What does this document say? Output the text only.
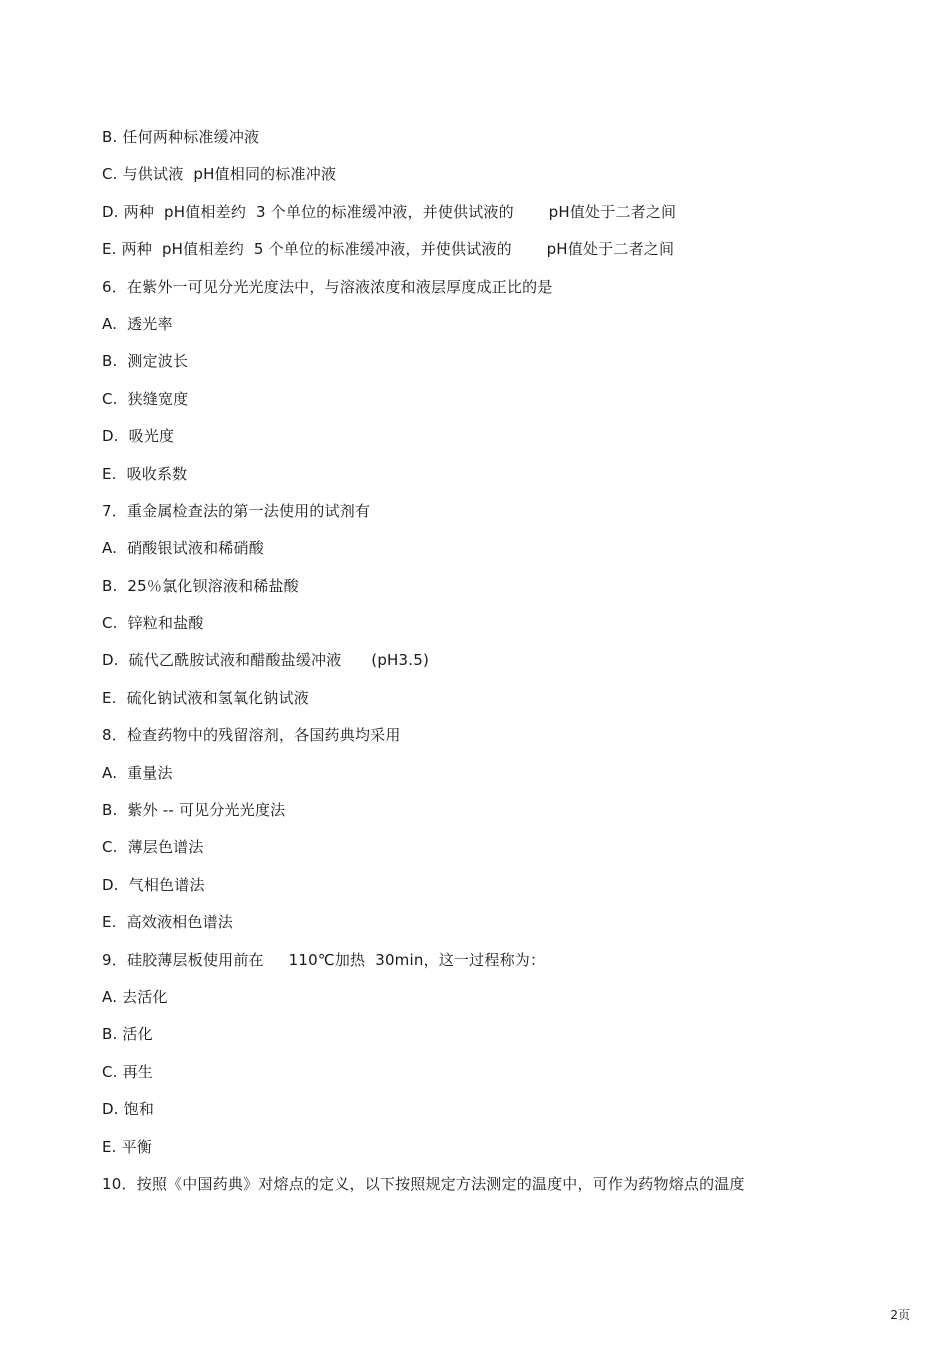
B. 任何两种标准缓冲液
C. 与供试液  pH值相同的标准冲液
D. 两种  pH值相差约  3 个单位的标准缓冲液，并使供试液的       pH值处于二者之间
E. 两种  pH值相差约  5 个单位的标准缓冲液，并使供试液的       pH值处于二者之间
6．在紫外一可见分光光度法中，与溶液浓度和液层厚度成正比的是
A.  透光率
B.  测定波长
C.  狭缝宽度
D.  吸光度
E.  吸收系数
7．重金属检查法的第一法使用的试剂有
A.  硝酸银试液和稀硝酸
B.  25％氯化钡溶液和稀盐酸
C.  锌粒和盐酸
D.  硫代乙酰胺试液和醋酸盐缓冲液      (pH3.5)
E.  硫化钠试液和氢氧化钠试液
8．检查药物中的残留溶剂，各国药典均采用
A.  重量法
B.  紫外 -- 可见分光光度法
C.  薄层色谱法
D.  气相色谱法
E.  高效液相色谱法
9．硅胶薄层板使用前在     110℃加热  30min，这一过程称为：
A. 去活化
B. 活化
C. 再生
D. 饱和
E. 平衡
10．按照《中国药典》对熔点的定义，以下按照规定方法测定的温度中，可作为药物熔点的温度
2页
